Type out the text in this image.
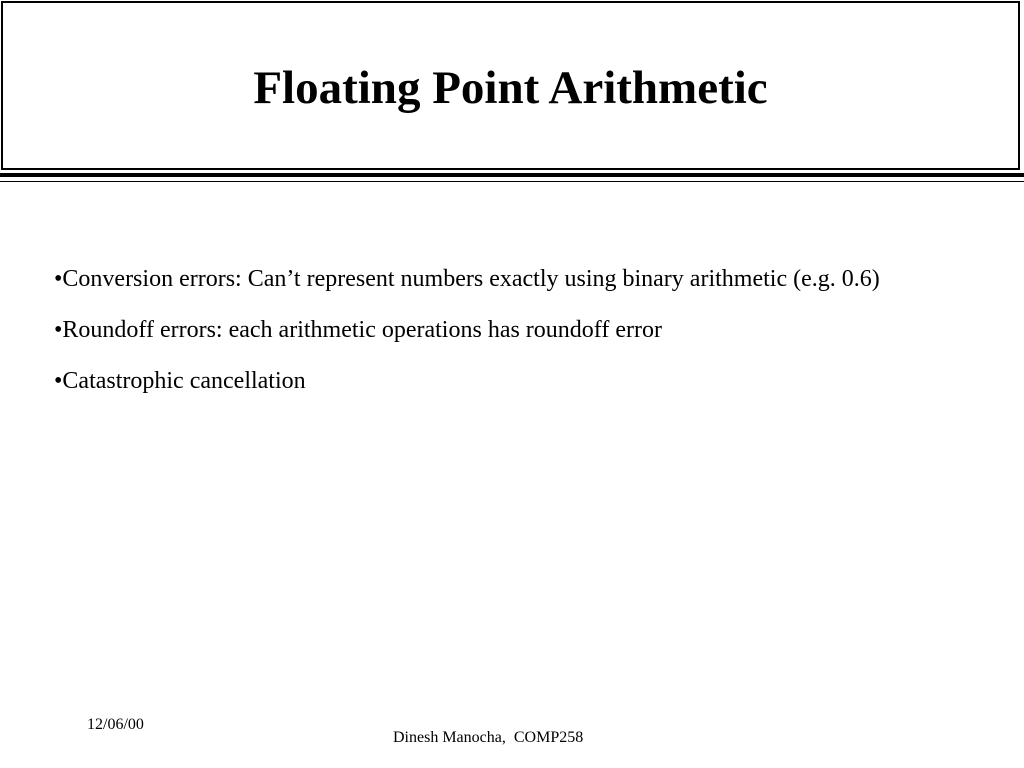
Floating Point Arithmetic
•Conversion errors: Can’t represent numbers exactly using binary arithmetic (e.g. 0.6)
•Roundoff errors: each arithmetic operations has roundoff error
•Catastrophic cancellation
12/06/00
Dinesh Manocha,  COMP258
